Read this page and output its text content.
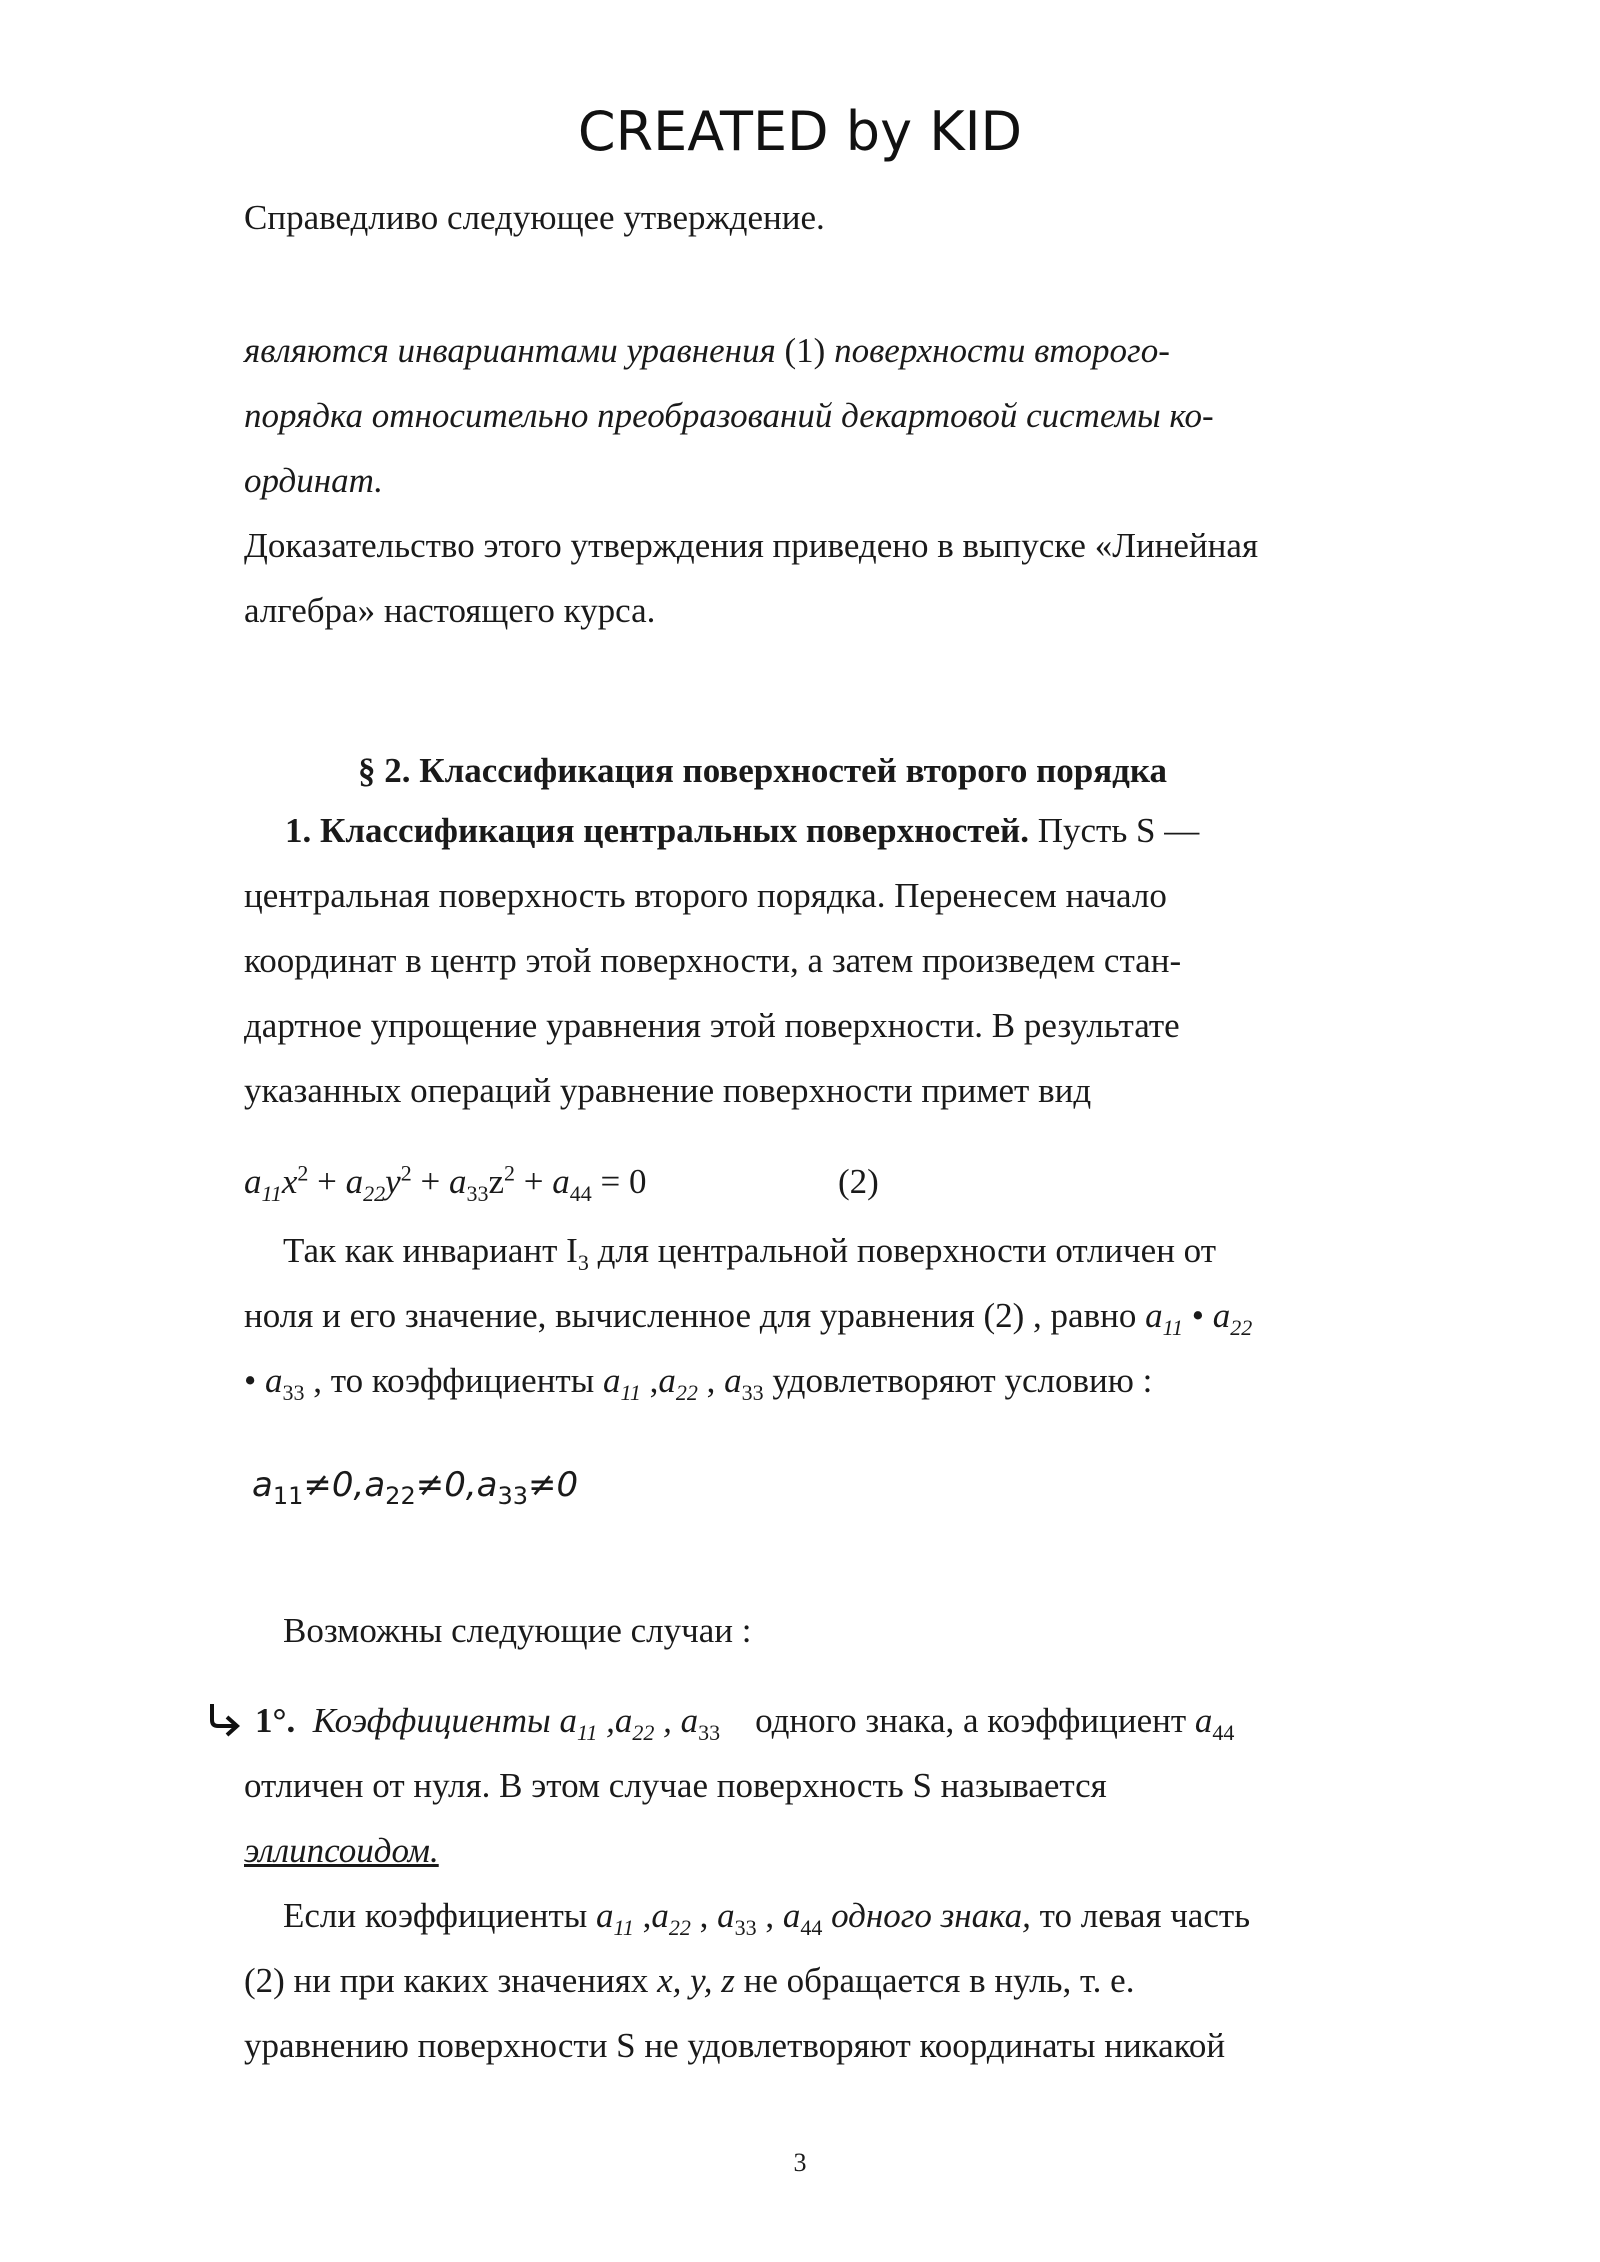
CREATED by KID
Справедливо следующее утверждение.
являются инвариантами уравнения (1) поверхности второго-
порядка относительно преобразований декартовой системы ко-
ординат.
Доказательство этого утверждения приведено в выпуске «Линейная
алгебра» настоящего курса.
§ 2. Классификация поверхностей второго порядка
1. Классификация центральных поверхностей. Пусть S —
центральная поверхность второго порядка. Перенесем начало
координат в центр этой поверхности, а затем произведем стан-
дартное упрощение уравнения этой поверхности. В результате
указанных операций уравнение поверхности примет вид
$a_{11}x^2 + a_{22}y^2 + a_{33}z^2 + a_{44} = 0$	(2)
Так как инвариант $I_3$ для центральной поверхности отличен от
ноля и его значение, вычисленное для уравнения (2) , равно $a_{11}$ • $a_{22}$
• $a_{33}$ , то коэффициенты $a_{11}$ $,a_{22}$ , $a_{33}$ удовлетворяют условию :
$a_{11}\ne 0,a_{22}\ne 0,a_{33}\ne 0$
Возможны следующие случаи :
1°. Коэффициенты $a_{11}$ $,a_{22}$ , $a_{33}$ одного знака, а коэффициент $a_{44}$
отличен от нуля. В этом случае поверхность S называется
эллипсоидом.
Если коэффициенты $a_{11}$ $,a_{22}$ , $a_{33}$ , $a_{44}$ одного знака, то левая часть
(2) ни при каких значениях x, y, z не обращается в нуль, т. е.
уравнению поверхности S не удовлетворяют координаты никакой
3
